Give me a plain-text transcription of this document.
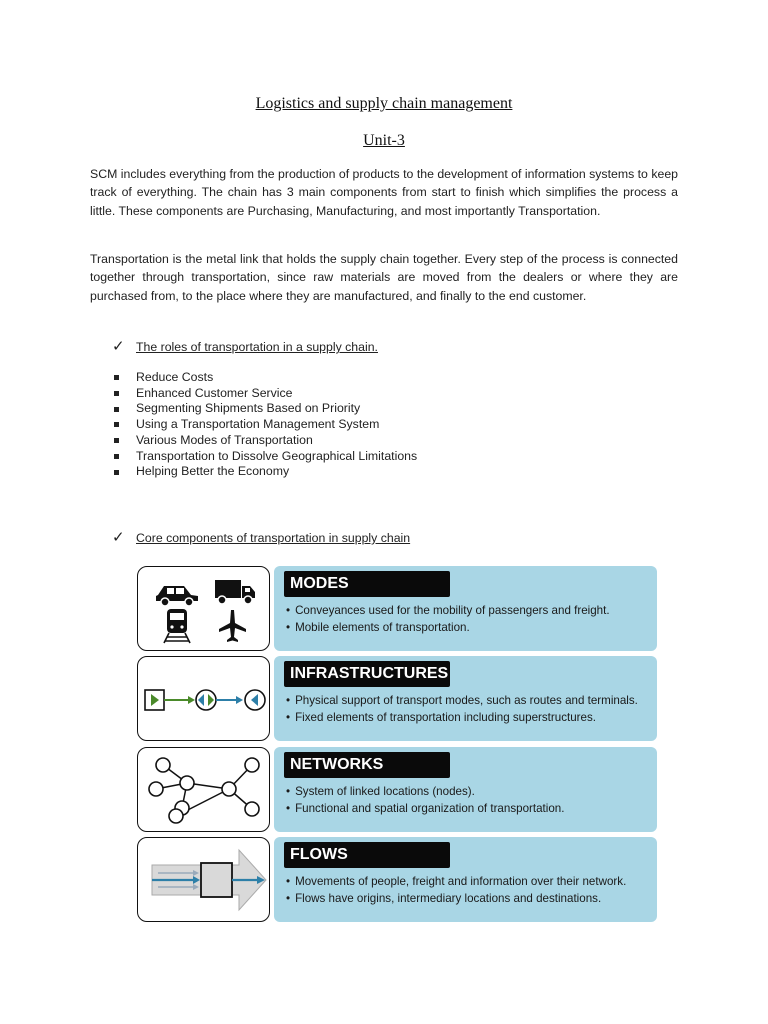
Logistics and supply chain management
Unit-3
SCM includes everything from the production of products to the development of information systems to keep track of everything. The chain has 3 main components from start to finish which simplifies the process a little. These components are Purchasing, Manufacturing, and most importantly Transportation.
Transportation is the metal link that holds the supply chain together. Every step of the process is connected together through transportation, since raw materials are moved from the dealers or where they are purchased from, to the place where they are manufactured, and finally to the end customer.
✓ The roles of transportation in a supply chain.
Reduce Costs
Enhanced Customer Service
Segmenting Shipments Based on Priority
Using a Transportation Management System
Various Modes of Transportation
Transportation to Dissolve Geographical Limitations
Helping Better the Economy
✓ Core components of transportation in supply chain
MODES
• Conveyances used for the mobility of passengers and freight.
• Mobile elements of transportation.
INFRASTRUCTURES
• Physical support of transport modes, such as routes and terminals.
• Fixed elements of transportation including superstructures.
NETWORKS
• System of linked locations (nodes).
• Functional and spatial organization of transportation.
FLOWS
• Movements of people, freight and information over their network.
• Flows have origins, intermediary locations and destinations.
